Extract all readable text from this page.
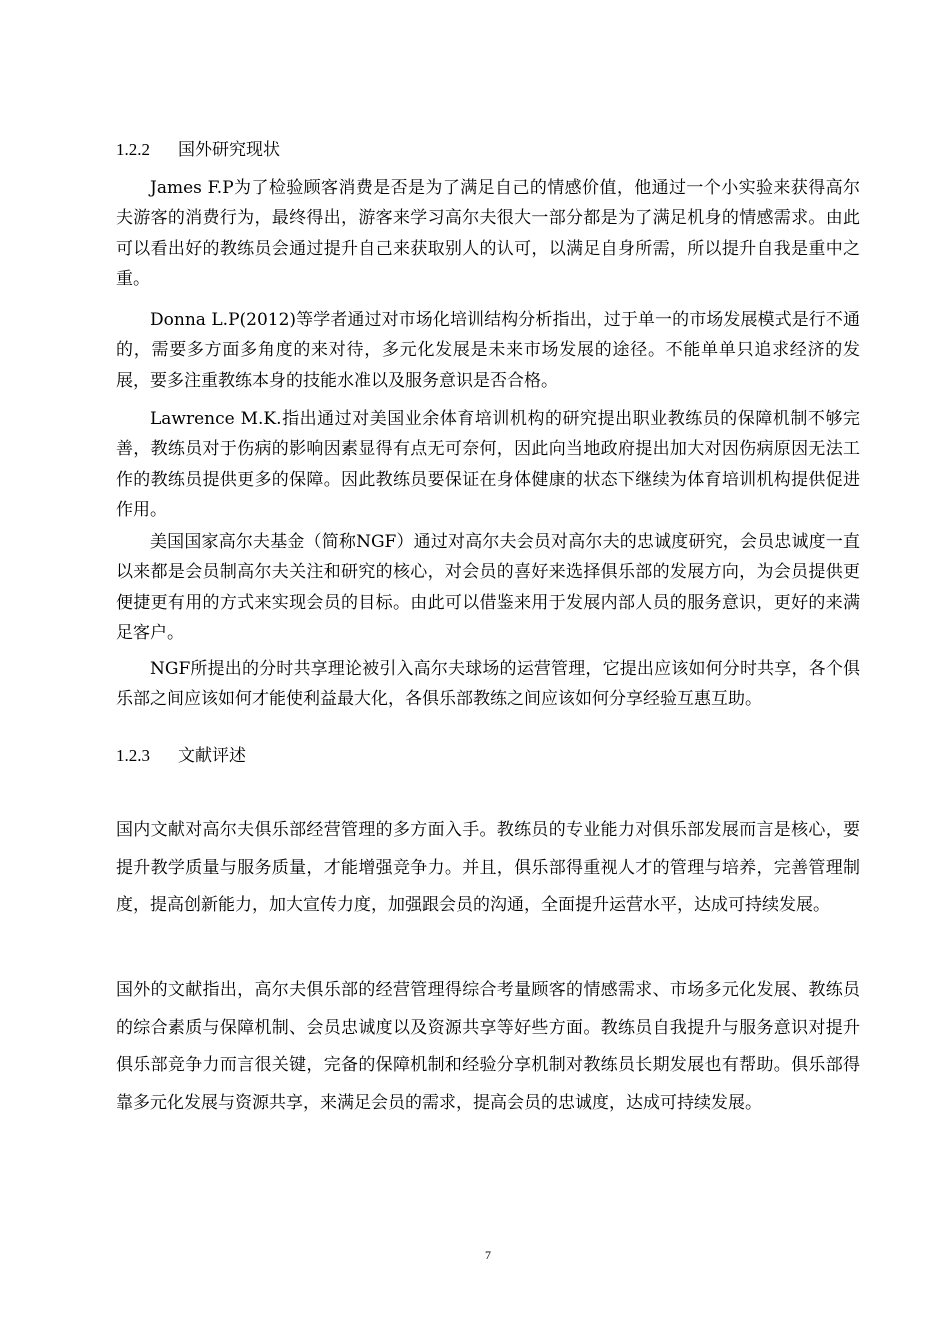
1.2.2 国外研究现状

James F.P为了检验顾客消费是否是为了满足自己的情感价值，他通过一个小实验来获得高尔夫游客的消费行为，最终得出，游客来学习高尔夫很大一部分都是为了满足机身的情感需求。由此可以看出好的教练员会通过提升自己来获取别人的认可，以满足自身所需，所以提升自我是重中之重。

Donna L.P(2012)等学者通过对市场化培训结构分析指出，过于单一的市场发展模式是行不通的，需要多方面多角度的来对待，多元化发展是未来市场发展的途径。不能单单只追求经济的发展，要多注重教练本身的技能水准以及服务意识是否合格。

Lawrence M.K.指出通过对美国业余体育培训机构的研究提出职业教练员的保障机制不够完善，教练员对于伤病的影响因素显得有点无可奈何，因此向当地政府提出加大对因伤病原因无法工作的教练员提供更多的保障。因此教练员要保证在身体健康的状态下继续为体育培训机构提供促进作用。

美国国家高尔夫基金（简称NGF）通过对高尔夫会员对高尔夫的忠诚度研究，会员忠诚度一直以来都是会员制高尔夫关注和研究的核心，对会员的喜好来选择俱乐部的发展方向，为会员提供更便捷更有用的方式来实现会员的目标。由此可以借鉴来用于发展内部人员的服务意识，更好的来满足客户。

NGF所提出的分时共享理论被引入高尔夫球场的运营管理，它提出应该如何分时共享，各个俱乐部之间应该如何才能使利益最大化，各俱乐部教练之间应该如何分享经验互惠互助。

1.2.3 文献评述

国内文献对高尔夫俱乐部经营管理的多方面入手。教练员的专业能力对俱乐部发展而言是核心，要提升教学质量与服务质量，才能增强竞争力。并且，俱乐部得重视人才的管理与培养，完善管理制度，提高创新能力，加大宣传力度，加强跟会员的沟通，全面提升运营水平，达成可持续发展。

国外的文献指出，高尔夫俱乐部的经营管理得综合考量顾客的情感需求、市场多元化发展、教练员的综合素质与保障机制、会员忠诚度以及资源共享等好些方面。教练员自我提升与服务意识对提升俱乐部竞争力而言很关键，完备的保障机制和经验分享机制对教练员长期发展也有帮助。俱乐部得靠多元化发展与资源共享，来满足会员的需求，提高会员的忠诚度，达成可持续发展。

7
